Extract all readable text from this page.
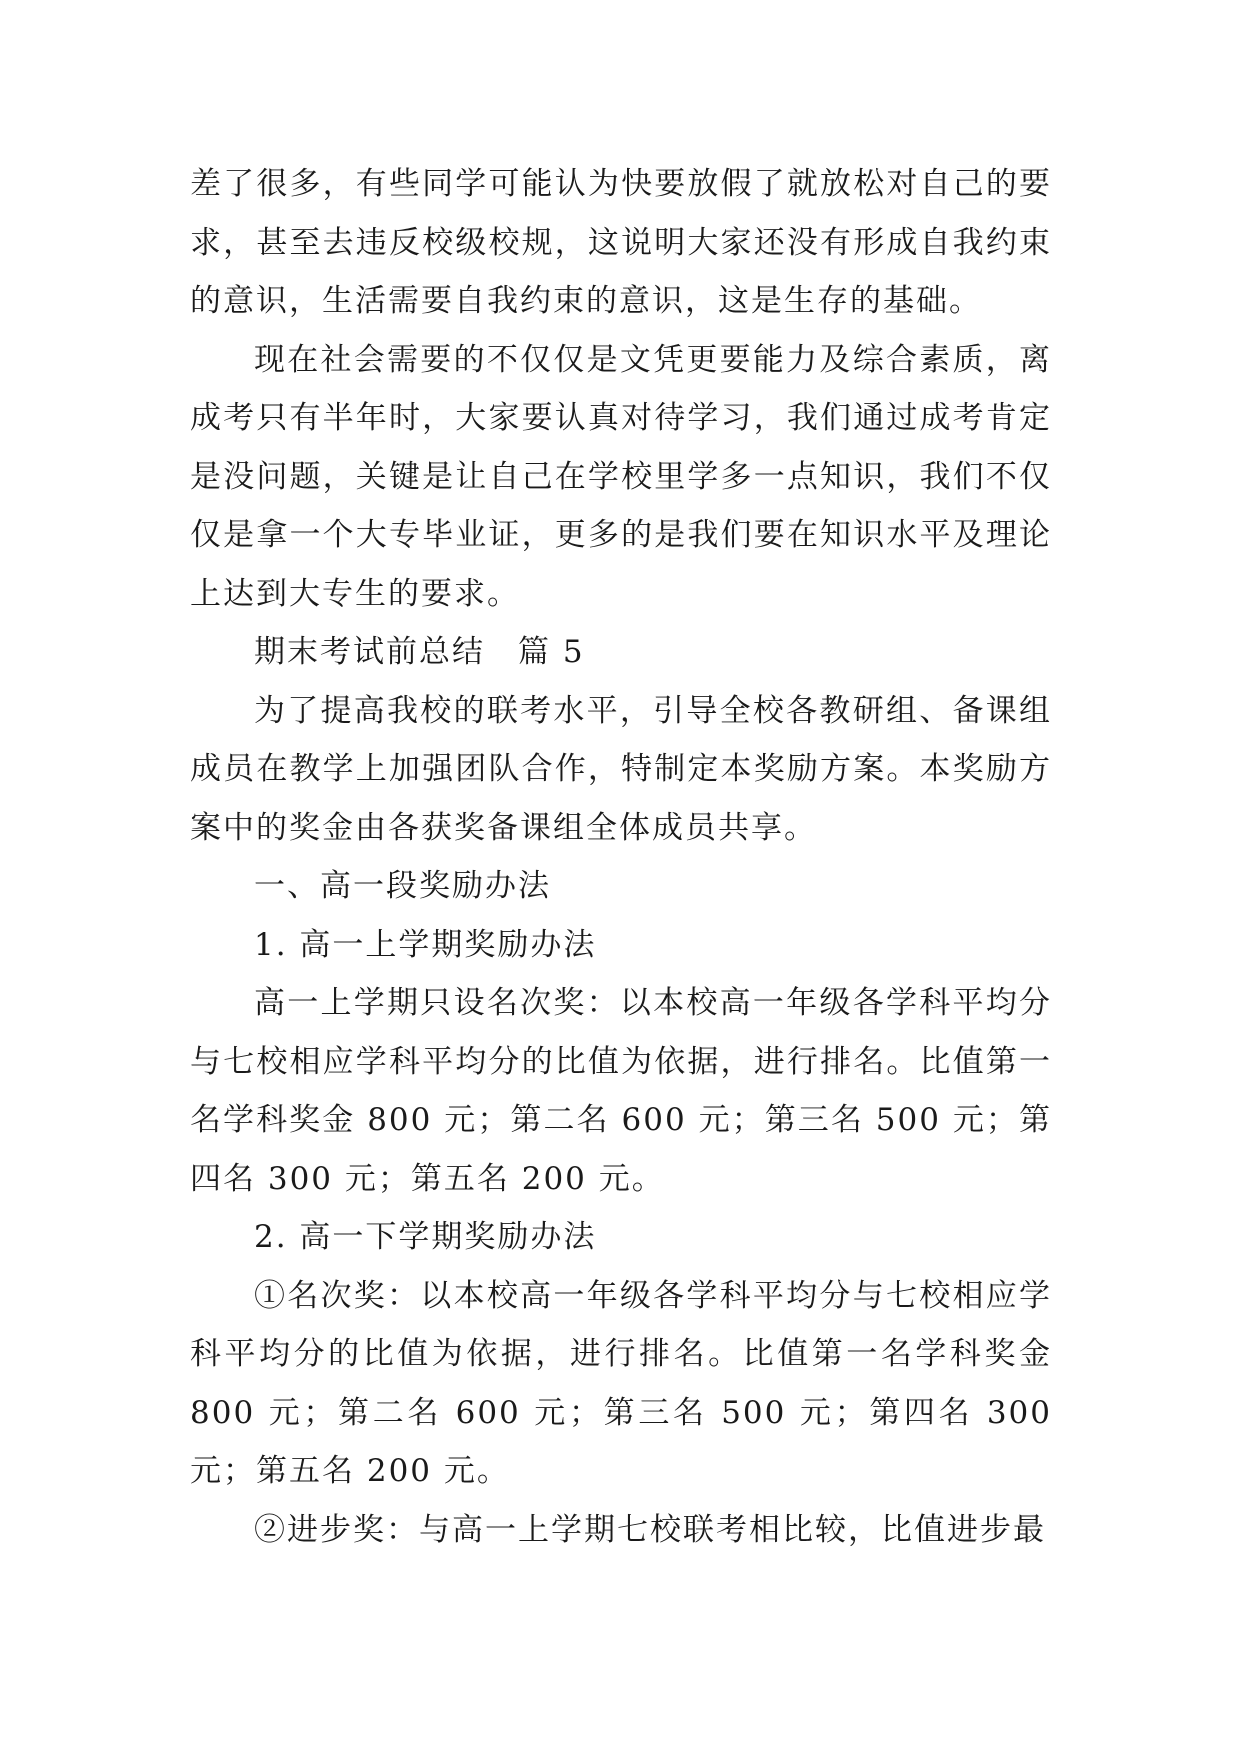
差了很多，有些同学可能认为快要放假了就放松对自己的要求，甚至去违反校级校规，这说明大家还没有形成自我约束的意识，生活需要自我约束的意识，这是生存的基础。

现在社会需要的不仅仅是文凭更要能力及综合素质，离成考只有半年时，大家要认真对待学习，我们通过成考肯定是没问题，关键是让自己在学校里学多一点知识，我们不仅仅是拿一个大专毕业证，更多的是我们要在知识水平及理论上达到大专生的要求。

期末考试前总结　篇 5

为了提高我校的联考水平，引导全校各教研组、备课组成员在教学上加强团队合作，特制定本奖励方案。本奖励方案中的奖金由各获奖备课组全体成员共享。

一、高一段奖励办法

1. 高一上学期奖励办法

高一上学期只设名次奖：以本校高一年级各学科平均分与七校相应学科平均分的比值为依据，进行排名。比值第一名学科奖金 800 元；第二名 600 元；第三名 500 元；第四名 300 元；第五名 200 元。

2. 高一下学期奖励办法

①名次奖：以本校高一年级各学科平均分与七校相应学科平均分的比值为依据，进行排名。比值第一名学科奖金 800 元；第二名 600 元；第三名 500 元；第四名 300 元；第五名 200 元。

②进步奖：与高一上学期七校联考相比较，比值进步最
